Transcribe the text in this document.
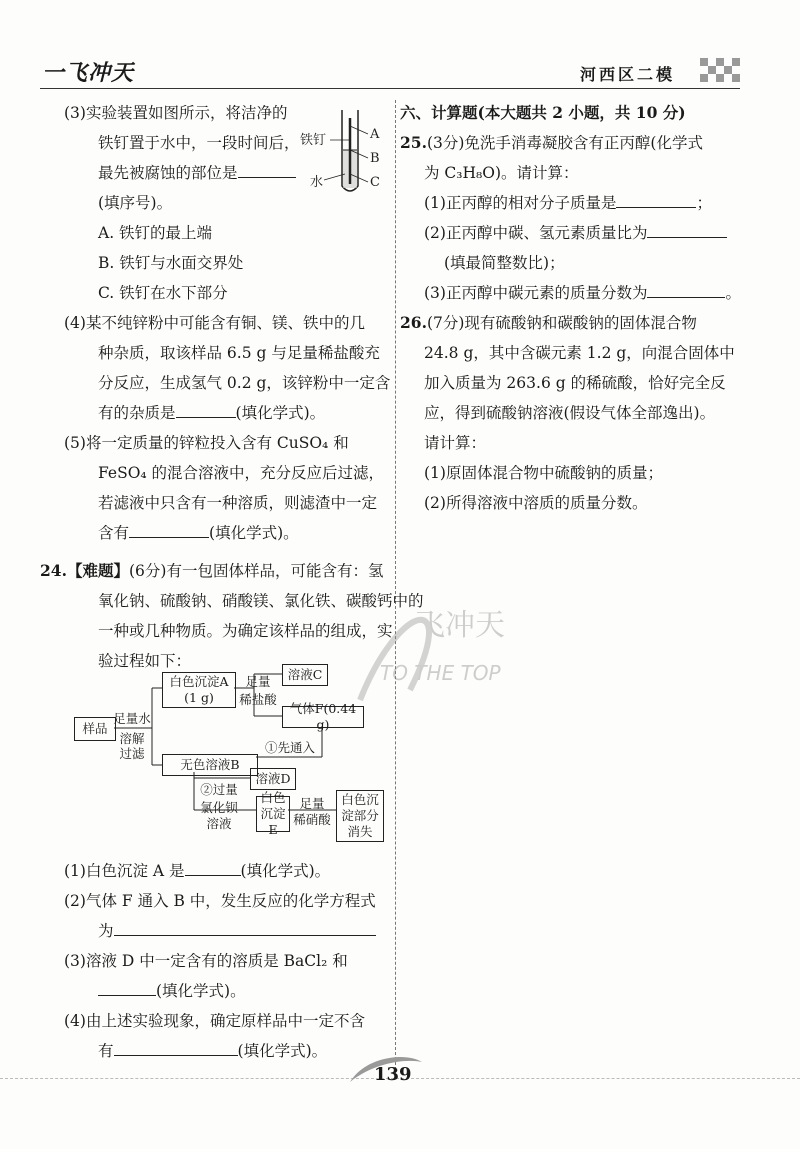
一飞冲天	河西区二模
飞冲天
TO THE TOP
(3)实验装置如图所示，将洁净的
铁钉置于水中，一段时间后，
最先被腐蚀的部位是
(填序号)。
A. 铁钉的最上端
B. 铁钉与水面交界处
C. 铁钉在水下部分
(4)某不纯锌粉中可能含有铜、镁、铁中的几
种杂质，取该样品 6.5 g 与足量稀盐酸充
分反应，生成氢气 0.2 g，该锌粉中一定含
有的杂质是	(填化学式)。
(5)将一定质量的锌粒投入含有 CuSO₄ 和
FeSO₄ 的混合溶液中，充分反应后过滤，
若滤液中只含有一种溶质，则滤渣中一定
含有	(填化学式)。
24.【难题】(6分)有一包固体样品，可能含有：氢
氧化钠、硫酸钠、硝酸镁、氯化铁、碳酸钙中的
一种或几种物质。为确定该样品的组成，实
验过程如下：
铁钉
水
A
B
C
样品
足量水
溶解
过滤
白色沉淀A
(1 g)
足量
稀盐酸
溶液C
气体F(0.44 g)
①先通入
无色溶液B
②过量
氯化钡
溶液
溶液D
白色
沉淀E
足量
稀硝酸
白色沉
淀部分
消失
(1)白色沉淀 A 是	(填化学式)。
(2)气体 F 通入 B 中，发生反应的化学方程式
为
(3)溶液 D 中一定含有的溶质是 BaCl₂ 和
(填化学式)。
(4)由上述实验现象，确定原样品中一定不含
有	(填化学式)。
六、计算题(本大题共 2 小题，共 10 分)
25.(3分)免洗手消毒凝胶含有正丙醇(化学式
为 C₃H₈O)。请计算：
(1)正丙醇的相对分子质量是	；
(2)正丙醇中碳、氢元素质量比为
(填最简整数比)；
(3)正丙醇中碳元素的质量分数为	。
26.(7分)现有硫酸钠和碳酸钠的固体混合物
24.8 g，其中含碳元素 1.2 g，向混合固体中
加入质量为 263.6 g 的稀硫酸，恰好完全反
应，得到硫酸钠溶液(假设气体全部逸出)。
请计算：
(1)原固体混合物中硫酸钠的质量；
(2)所得溶液中溶质的质量分数。
139
